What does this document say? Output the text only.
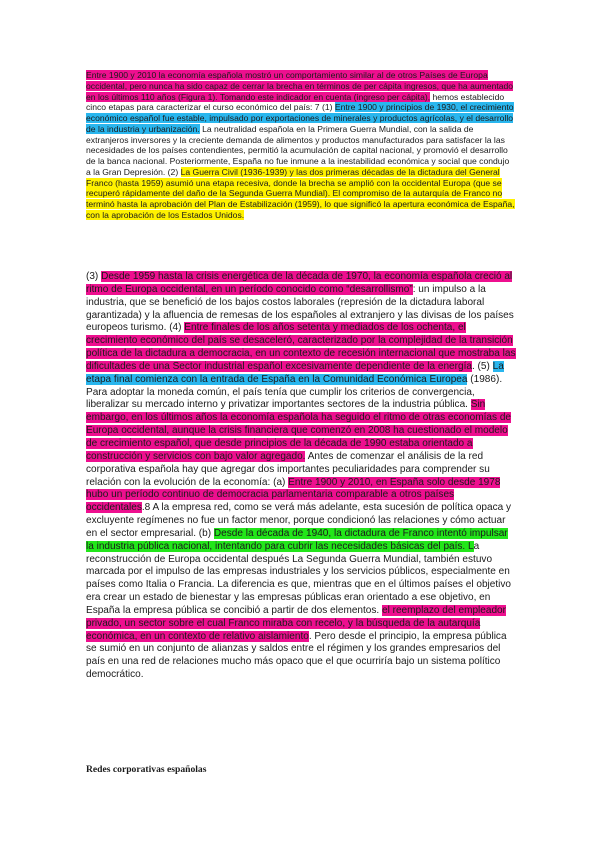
Entre 1900 y 2010 la economía española mostró un comportamiento similar al de otros Países de Europa occidental, pero nunca ha sido capaz de cerrar la brecha en términos de per cápita ingresos, que ha aumentado en los últimos 110 años (Figura 1). Tomando este indicador en cuenta (ingreso per cápita), hemos establecido cinco etapas para caracterizar el curso económico del país: 7 (1) Entre 1900 y principios de 1930, el crecimiento económico español fue estable, impulsado por exportaciones de minerales y productos agrícolas, y el desarrollo de la industria y urbanización. La neutralidad española en la Primera Guerra Mundial, con la salida de extranjeros inversores y la creciente demanda de alimentos y productos manufacturados para satisfacer la las necesidades de los países contendientes, permitió la acumulación de capital nacional, y promovió el desarrollo de la banca nacional. Posteriormente, España no fue inmune a la inestabilidad económica y social que condujo a la Gran Depresión. (2) La Guerra Civil (1936-1939) y las dos primeras décadas de la dictadura del General Franco (hasta 1959) asumió una etapa recesiva, donde la brecha se amplió con la occidental Europa (que se recuperó rápidamente del daño de la Segunda Guerra Mundial). El compromiso de la autarquía de Franco no terminó hasta la aprobación del Plan de Estabilización (1959), lo que significó la apertura económica de España, con la aprobación de los Estados Unidos.

(3) Desde 1959 hasta la crisis energética de la década de 1970, la economía española creció al ritmo de Europa occidental, en un período conocido como “desarrollismo”: un impulso a la industria, que se benefició de los bajos costos laborales (represión de la dictadura laboral garantizada) y la afluencia de remesas de los españoles al extranjero y las divisas de los países europeos turismo. (4) Entre finales de los años setenta y mediados de los ochenta, el crecimiento económico del país se desaceleró, caracterizado por la complejidad de la transición política de la dictadura a democracia, en un contexto de recesión internacional que mostraba las dificultades de una Sector industrial español excesivamente dependiente de la energía. (5) La etapa final comienza con la entrada de España en la Comunidad Económica Europea (1986). Para adoptar la moneda común, el país tenía que cumplir los criterios de convergencia, liberalizar su mercado interno y privatizar importantes sectores de la industria pública. Sin embargo, en los últimos años la economía española ha seguido el ritmo de otras economías de Europa occidental, aunque la crisis financiera que comenzó en 2008 ha cuestionado el modelo de crecimiento español, que desde principios de la década de 1990 estaba orientado a construcción y servicios con bajo valor agregado. Antes de comenzar el análisis de la red corporativa española hay que agregar dos importantes peculiaridades para comprender su relación con la evolución de la economía: (a) Entre 1900 y 2010, en España solo desde 1978 hubo un período continuo de democracia parlamentaria comparable a otros países occidentales.8 A la empresa red, como se verá más adelante, esta sucesión de política opaca y excluyente regímenes no fue un factor menor, porque condicionó las relaciones y cómo actuar en el sector empresarial. (b) Desde la década de 1940, la dictadura de Franco intentó impulsar la industria pública nacional, intentando para cubrir las necesidades básicas del país. La reconstrucción de Europa occidental después La Segunda Guerra Mundial, también estuvo marcada por el impulso de las empresas industriales y los servicios públicos, especialmente en países como Italia o Francia. La diferencia es que, mientras que en el últimos países el objetivo era crear un estado de bienestar y las empresas públicas eran orientado a ese objetivo, en España la empresa pública se concibió a partir de dos elementos. el reemplazo del empleador privado, un sector sobre el cual Franco miraba con recelo, y la búsqueda de la autarquía económica, en un contexto de relativo aislamiento. Pero desde el principio, la empresa pública se sumió en un conjunto de alianzas y saldos entre el régimen y los grandes empresarios del país en una red de relaciones mucho más opaco que el que ocurriría bajo un sistema político democrático.

Redes corporativas españolas
